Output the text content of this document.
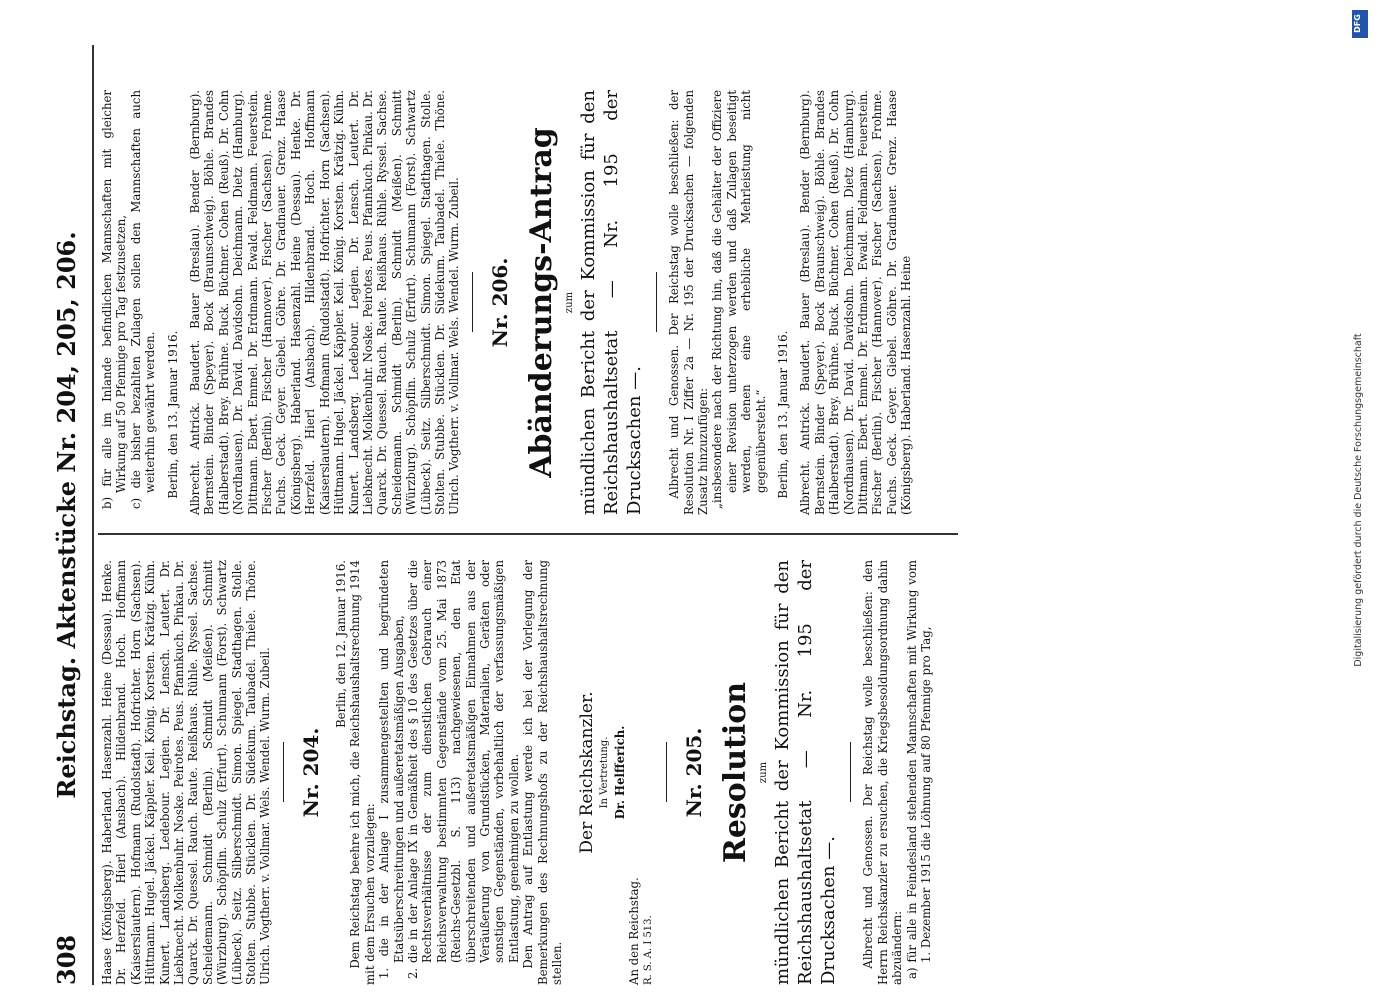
308
Reichstag. Aktenstücke Nr. 204, 205, 206. Haase (Königsberg). Haberland. Hasenzahl. Heine (Dessau). Henke. Dr. Herzfeld. Hierl (Ansbach). Hildenbrand. Hoch. Hoffmann (Kaiserslautern). Hofmann (Rudolstadt). Hofrichter. Horn (Sachsen). Hüttmann. Hugel. Jäckel. Käppler. Keil. König. Korsten. Krätzig. Kühn. Kunert. Landsberg. Ledebour. Legien. Dr. Lensch. Leutert. Dr. Liebknecht. Molkenbuhr. Noske. Peirotes. Peus. Pfannkuch. Pinkau. Dr. Quarck. Dr. Quessel. Rauch. Raute. Reißhaus. Rühle. Ryssel. Sachse. Scheidemann. Schmidt (Berlin). Schmidt (Meißen). Schmitt (Würzburg). Schöpflin. Schulz (Erfurt). Schumann (Forst). Schwartz (Lübeck). Seitz. Silberschmidt. Simon. Spiegel. Stadthagen. Stolle. Stolten. Stubbe. Stücklen. Dr. Südekum. Taubadel. Thiele. Thöne. Ulrich. Vogtherr. v. Vollmar. Wels. Wendel. Wurm. Zubeil. Nr. 204.

Berlin, den 12. Januar 1916. Dem Reichstag beehre ich mich, die Reichshaushaltsrechnung 1914 mit dem Ersuchen vorzulegen: 1. die in der Anlage I zusammengestellten und begründeten Etatsüberschreitungen und außeretatsmäßigen Ausgaben, 2. die in der Anlage IX in Gemäßheit des § 10 des Gesetzes über die Rechtsverhältnisse der zum dienstlichen Gebrauch einer Reichsverwaltung bestimmten Gegenstände vom 25. Mai 1873 (Reichs-Gesetzbl. S. 113) nachgewiesenen, den Etat überschreitenden und außeretatsmäßigen Einnahmen aus der Veräußerung von Grundstücken, Materialien, Geräten oder sonstigen Gegenständen, vorbehaltlich der verfassungsmäßigen Entlastung, genehmigen zu wollen. Den Antrag auf Entlastung werde ich bei der Vorlegung der Bemerkungen des Rechnungshofs zu der Reichshaushaltsrechnung stellen.

Der Reichskanzler. In Vertretung. Dr. Helfferich.

An den Reichstag. R. S. A. I 513.

Nr. 205. Resolution zum mündlichen Bericht der Kommission für den Reichshaushaltsetat — Nr. 195 der Drucksachen —. Albrecht und Genossen. Der Reichstag wolle beschließen: den Herrn Reichskanzler zu ersuchen, die Kriegsbesoldungsordnung dahin abzuändern: a) für alle in Feindesland stehenden Mannschaften mit Wirkung vom 1. Dezember 1915 die Löhnung auf 80 Pfennige pro Tag,

b) für alle im Inlande befindlichen Mannschaften mit gleicher Wirkung auf 50 Pfennige pro Tag festzusetzen, c) die bisher bezahlten Zulagen sollen den Mannschaften auch weiterhin gewährt werden. Berlin, den 13. Januar 1916. Albrecht. Antrick. Baudert. Bauer (Breslau). Bender (Bernburg). Bernstein. Binder (Speyer). Bock (Braunschweig). Böhle. Brandes (Halberstadt). Brey. Brühne. Buck. Büchner. Cohen (Reuß). Dr. Cohn (Nordhausen). Dr. David. Davidsohn. Deichmann. Dietz (Hamburg). Dittmann. Ebert. Emmel. Dr. Erdmann. Ewald. Feldmann. Feuerstein. Fischer (Berlin). Fischer (Hannover). Fischer (Sachsen). Frohme. Fuchs. Geck. Geyer. Giebel. Göhre. Dr. Gradnauer. Grenz. Haase (Königsberg). Haberland. Hasenzahl. Heine (Dessau). Henke. Dr. Herzfeld. Hierl (Ansbach). Hildenbrand. Hoch. Hoffmann (Kaiserslautern). Hofmann (Rudolstadt). Hofrichter. Horn (Sachsen). Hüttmann. Hugel. Jäckel. Käppler. Keil. König. Korsten. Krätzig. Kühn. Kunert. Landsberg. Ledebour. Legien. Dr. Lensch. Leutert. Dr. Liebknecht. Molkenbuhr. Noske. Peirotes. Peus. Pfannkuch. Pinkau. Dr. Quarck. Dr. Quessel. Rauch. Raute. Reißhaus. Rühle. Ryssel. Sachse. Scheidemann. Schmidt (Berlin). Schmidt (Meißen). Schmitt (Würzburg). Schöpflin. Schulz (Erfurt). Schumann (Forst). Schwartz (Lübeck). Seitz. Silberschmidt. Simon. Spiegel. Stadthagen. Stolle. Stolten. Stubbe. Stücklen. Dr. Südekum. Taubadel. Thiele. Thöne. Ulrich. Vogtherr. v. Vollmar. Wels. Wendel. Wurm. Zubeil. Nr. 206. Abänderungs-Antrag zum mündlichen Bericht der Kommission für den Reichshaushaltsetat — Nr. 195 der Drucksachen —. Albrecht und Genossen. Der Reichstag wolle beschließen: der Resolution Nr. I Ziffer 2a — Nr. 195 der Drucksachen — folgenden Zusatz hinzuzufügen: „insbesondere nach der Richtung hin, daß die Gehälter der Offiziere einer Revision unterzogen werden und daß Zulagen beseitigt werden, denen eine erhebliche Mehrleistung nicht gegenübersteht.“ Berlin, den 13. Januar 1916. Albrecht. Antrick. Baudert. Bauer (Breslau). Bender (Bernburg). Bernstein. Binder (Speyer). Bock (Braunschweig). Böhle. Brandes (Halberstadt). Brey. Brühne. Buck. Büchner. Cohen (Reuß). Dr. Cohn (Nordhausen). Dr. David. Davidsohn. Deichmann. Dietz (Hamburg). Dittmann. Ebert. Emmel. Dr. Erdmann. Ewald. Feldmann. Feuerstein. Fischer (Berlin). Fischer (Hannover). Fischer (Sachsen). Frohme. Fuchs. Geck. Geyer. Giebel. Göhre. Dr. Gradnauer. Grenz. Haase (Königsberg). Haberland. Hasenzahl. Heine	Digitalisierung gefördert durch die Deutsche Forschungsgemeinschaft
DFG
